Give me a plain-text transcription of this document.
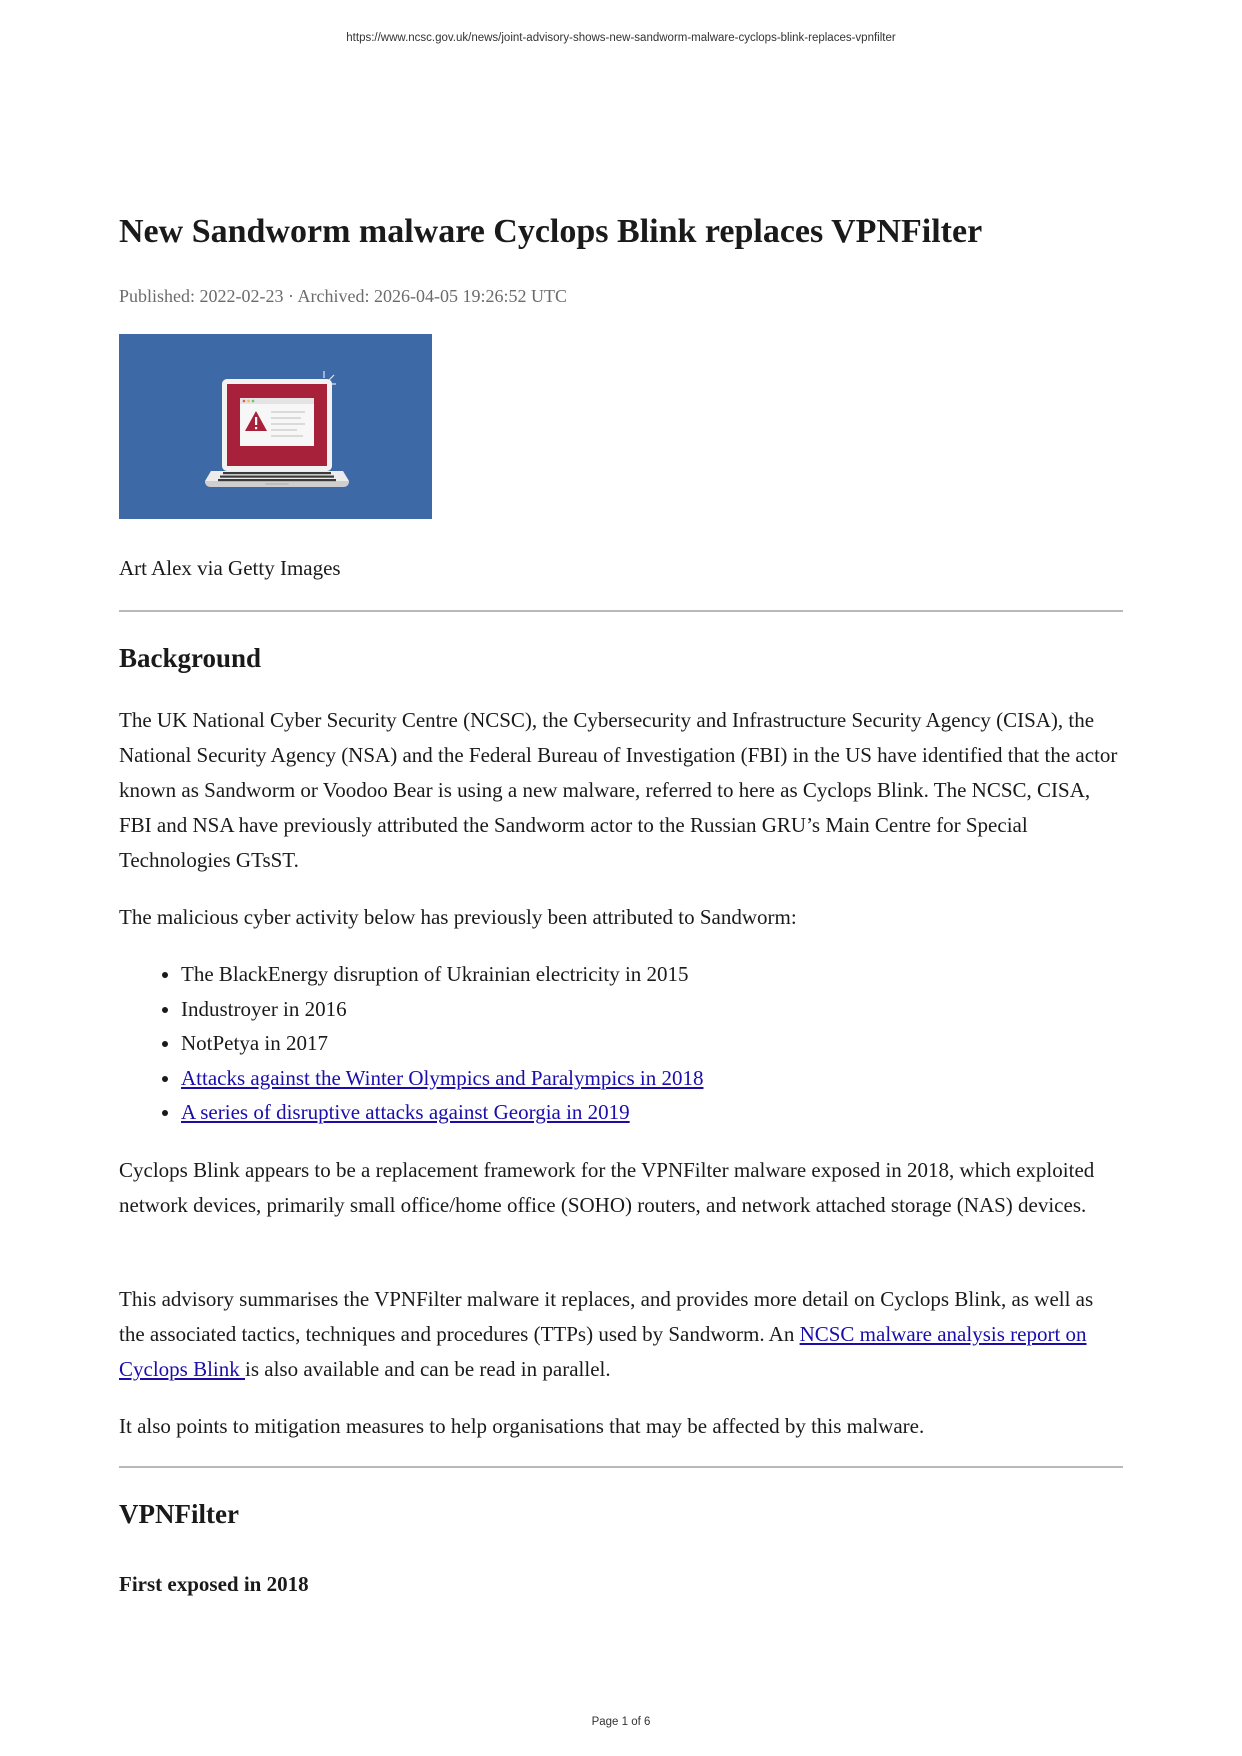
https://www.ncsc.gov.uk/news/joint-advisory-shows-new-sandworm-malware-cyclops-blink-replaces-vpnfilter
New Sandworm malware Cyclops Blink replaces VPNFilter
Published: 2022-02-23 · Archived: 2026-04-05 19:26:52 UTC
Art Alex via Getty Images
Background

The UK National Cyber Security Centre (NCSC), the Cybersecurity and Infrastructure Security Agency (CISA), the National Security Agency (NSA) and the Federal Bureau of Investigation (FBI) in the US have identified that the actor known as Sandworm or Voodoo Bear is using a new malware, referred to here as Cyclops Blink. The NCSC, CISA, FBI and NSA have previously attributed the Sandworm actor to the Russian GRU’s Main Centre for Special Technologies GTsST.

The malicious cyber activity below has previously been attributed to Sandworm:

• The BlackEnergy disruption of Ukrainian electricity in 2015
• Industroyer in 2016
• NotPetya in 2017
• Attacks against the Winter Olympics and Paralympics in 2018
• A series of disruptive attacks against Georgia in 2019

Cyclops Blink appears to be a replacement framework for the VPNFilter malware exposed in 2018, which exploited network devices, primarily small office/home office (SOHO) routers, and network attached storage (NAS) devices.

This advisory summarises the VPNFilter malware it replaces, and provides more detail on Cyclops Blink, as well as the associated tactics, techniques and procedures (TTPs) used by Sandworm. An NCSC malware analysis report on Cyclops Blink is also available and can be read in parallel.

It also points to mitigation measures to help organisations that may be affected by this malware.

VPNFilter
First exposed in 2018
Page 1 of 6
